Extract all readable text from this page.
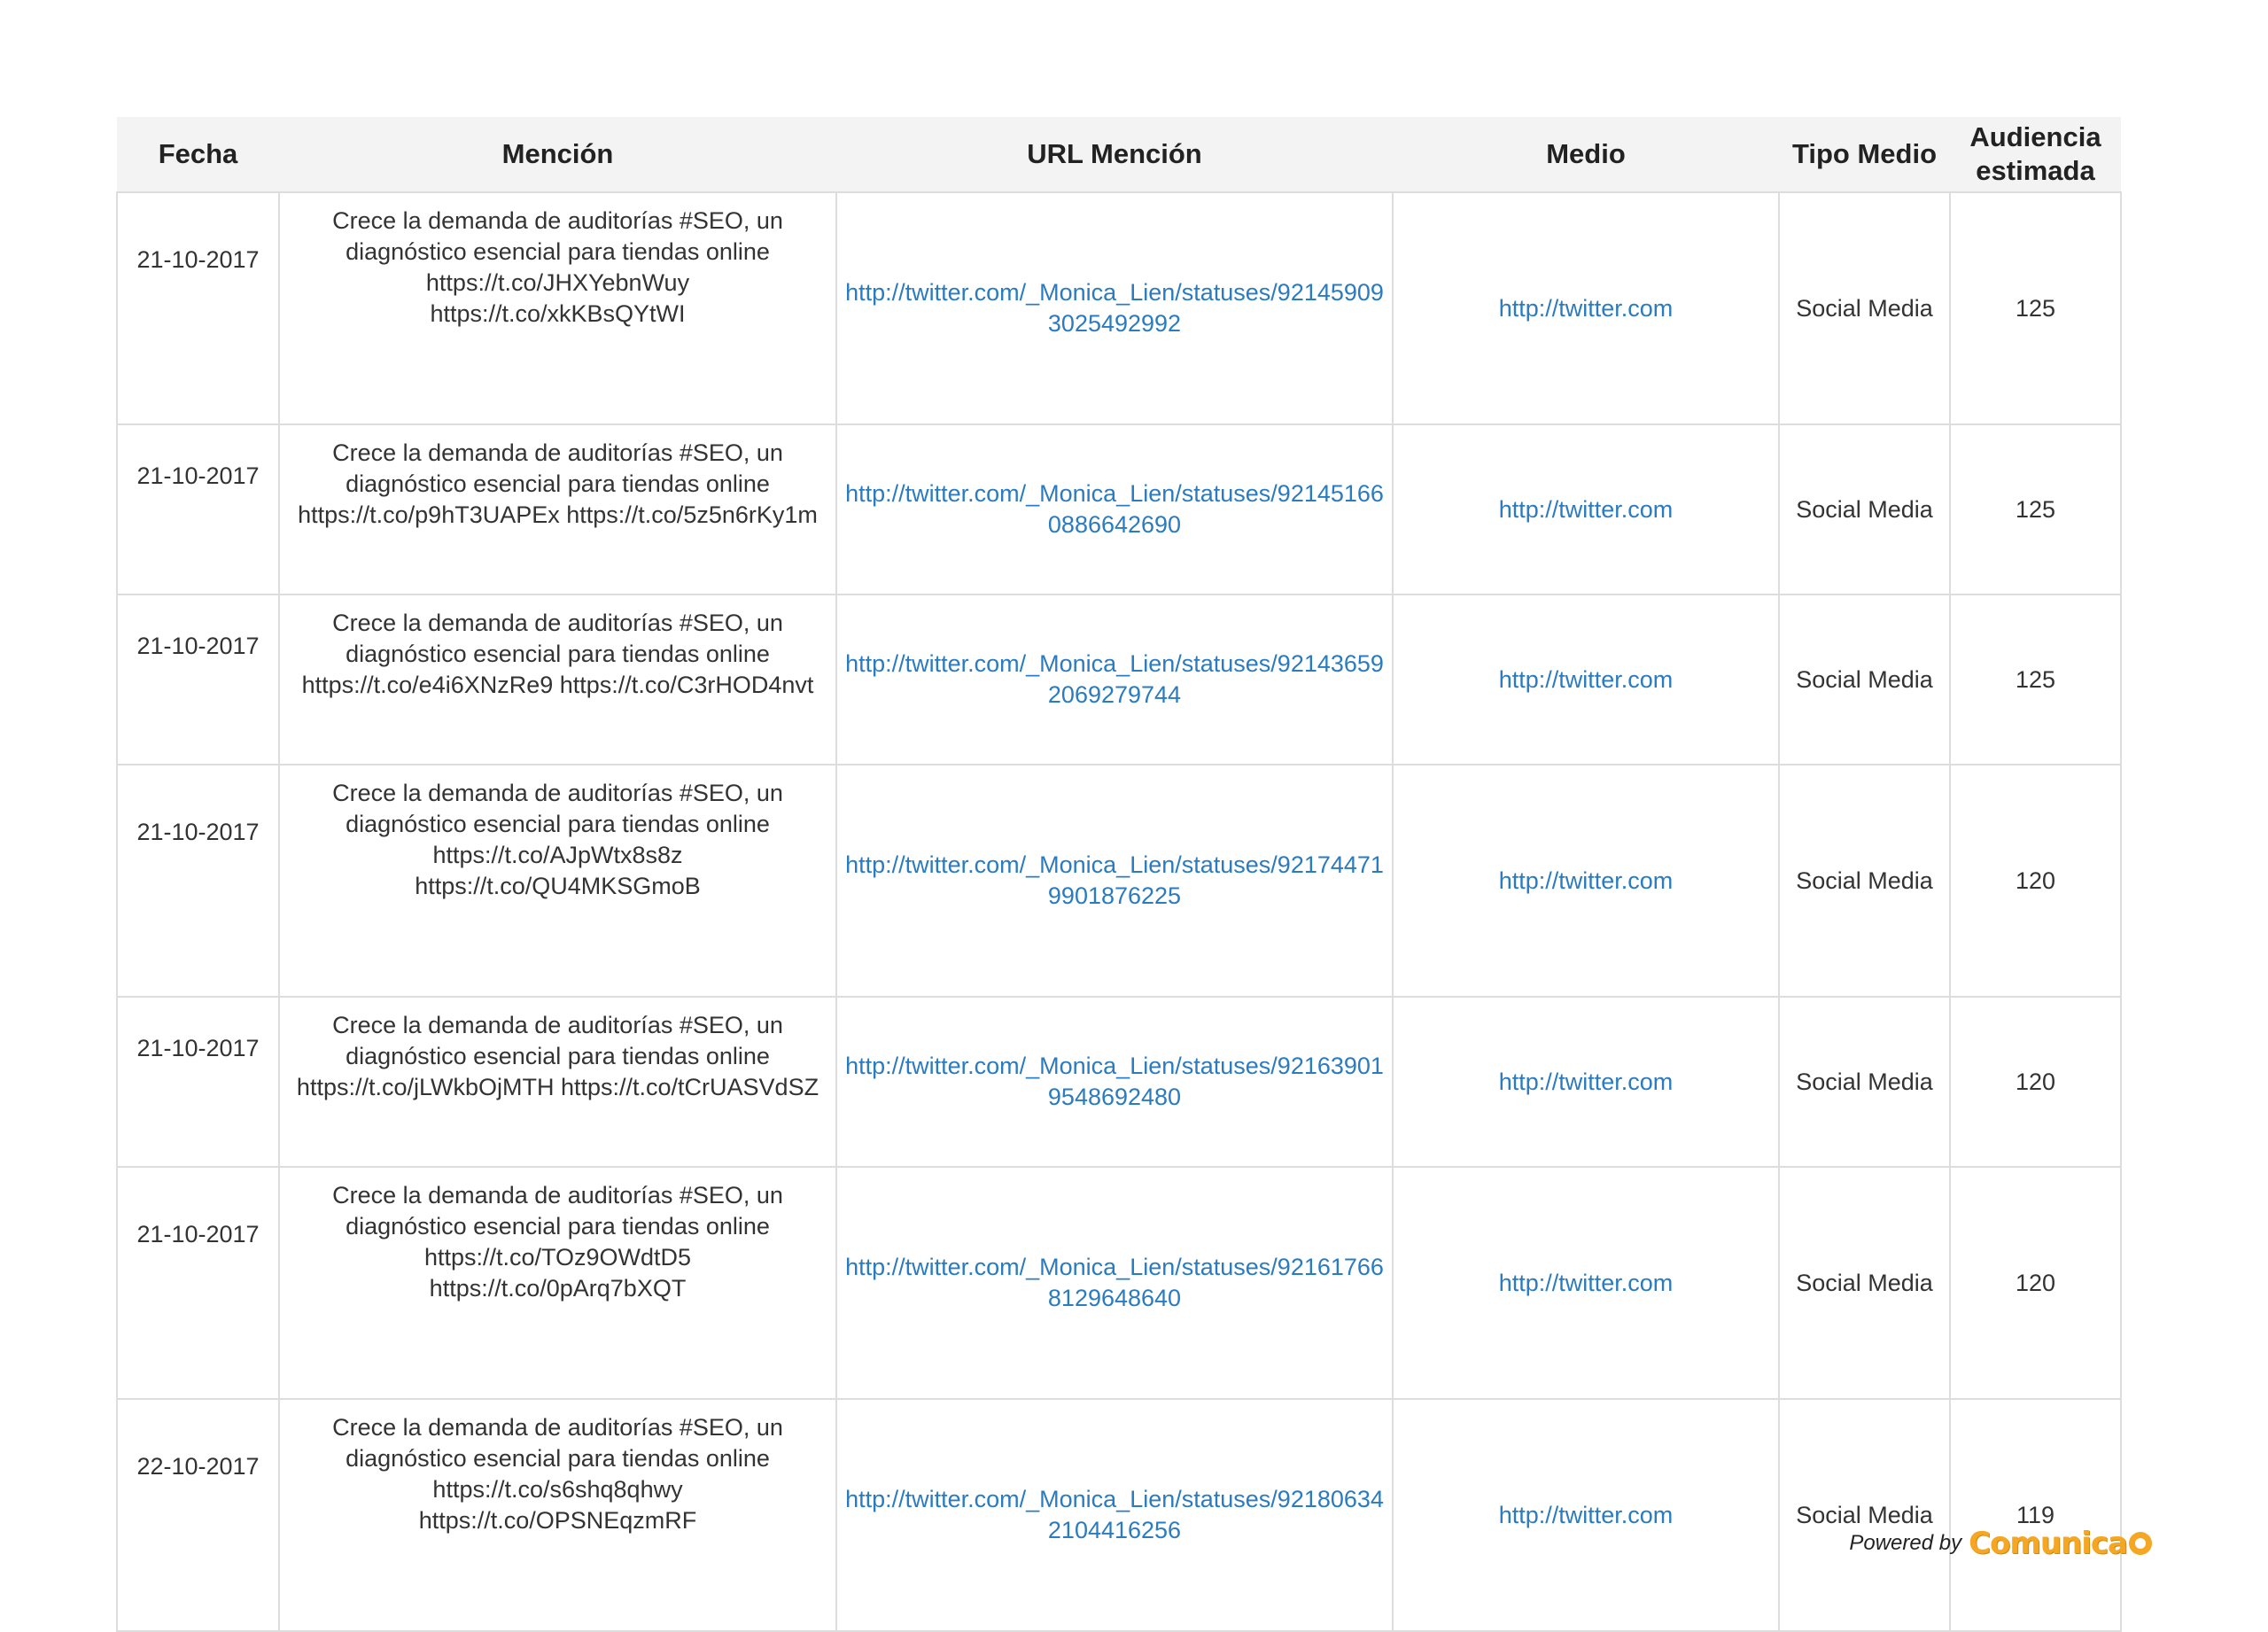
Fecha	Mención	URL Mención	Medio	Tipo Medio	Audiencia
estimada
21-10-2017	Crece la demanda de auditorías #SEO, un
diagnóstico esencial para tiendas online
https://t.co/JHXYebnWuy
https://t.co/xkKBsQYtWI	http://twitter.com/_Monica_Lien/statuses/921459093025492992	http://twitter.com	Social Media	125
21-10-2017	Crece la demanda de auditorías #SEO, un
diagnóstico esencial para tiendas online
https://t.co/p9hT3UAPEx https://t.co/5z5n6rKy1m	http://twitter.com/_Monica_Lien/statuses/921451660886642690	http://twitter.com	Social Media	125
21-10-2017	Crece la demanda de auditorías #SEO, un
diagnóstico esencial para tiendas online
https://t.co/e4i6XNzRe9 https://t.co/C3rHOD4nvt	http://twitter.com/_Monica_Lien/statuses/921436592069279744	http://twitter.com	Social Media	125
21-10-2017	Crece la demanda de auditorías #SEO, un
diagnóstico esencial para tiendas online
https://t.co/AJpWtx8s8z
https://t.co/QU4MKSGmoB	http://twitter.com/_Monica_Lien/statuses/921744719901876225	http://twitter.com	Social Media	120
21-10-2017	Crece la demanda de auditorías #SEO, un
diagnóstico esencial para tiendas online
https://t.co/jLWkbOjMTH https://t.co/tCrUASVdSZ	http://twitter.com/_Monica_Lien/statuses/921639019548692480	http://twitter.com	Social Media	120
21-10-2017	Crece la demanda de auditorías #SEO, un
diagnóstico esencial para tiendas online
https://t.co/TOz9OWdtD5
https://t.co/0pArq7bXQT	http://twitter.com/_Monica_Lien/statuses/921617668129648640	http://twitter.com	Social Media	120
22-10-2017	Crece la demanda de auditorías #SEO, un
diagnóstico esencial para tiendas online
https://t.co/s6shq8qhwy
https://t.co/OPSNEqzmRF	http://twitter.com/_Monica_Lien/statuses/921806342104416256	http://twitter.com	Social Media	119
Powered by Comunica
